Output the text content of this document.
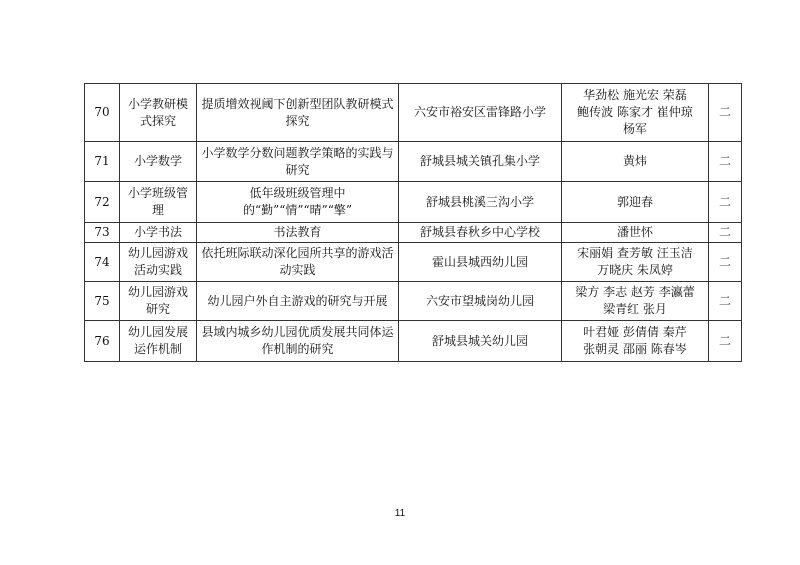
70	小学教研模式探究	提质增效视阈下创新型团队教研模式探究	六安市裕安区雷锋路小学	华劲松 施光宏 荣磊
鲍传波 陈家才 崔仲琼
杨军	二
71	小学数学	小学数学分数问题教学策略的实践与研究	舒城县城关镇孔集小学	黄炜	二
72	小学班级管理	低年级班级管理中的“勤”“情”“晴”“擎”	舒城县桃溪三沟小学	郭迎春	二
73	小学书法	书法教育	舒城县春秋乡中心学校	潘世怀	二
74	幼儿园游戏活动实践	依托班际联动深化园所共享的游戏活动实践	霍山县城西幼儿园	宋丽娟 查芳敏 汪玉洁
万晓庆 朱凤婷	二
75	幼儿园游戏研究	幼儿园户外自主游戏的研究与开展	六安市望城岗幼儿园	梁方 李志 赵芳 李瀛蕾
梁青红 张月	二
76	幼儿园发展运作机制	县域内城乡幼儿园优质发展共同体运作机制的研究	舒城县城关幼儿园	叶君娅 彭倩倩 秦芹
张朝灵 邵丽 陈春岑	二
11
